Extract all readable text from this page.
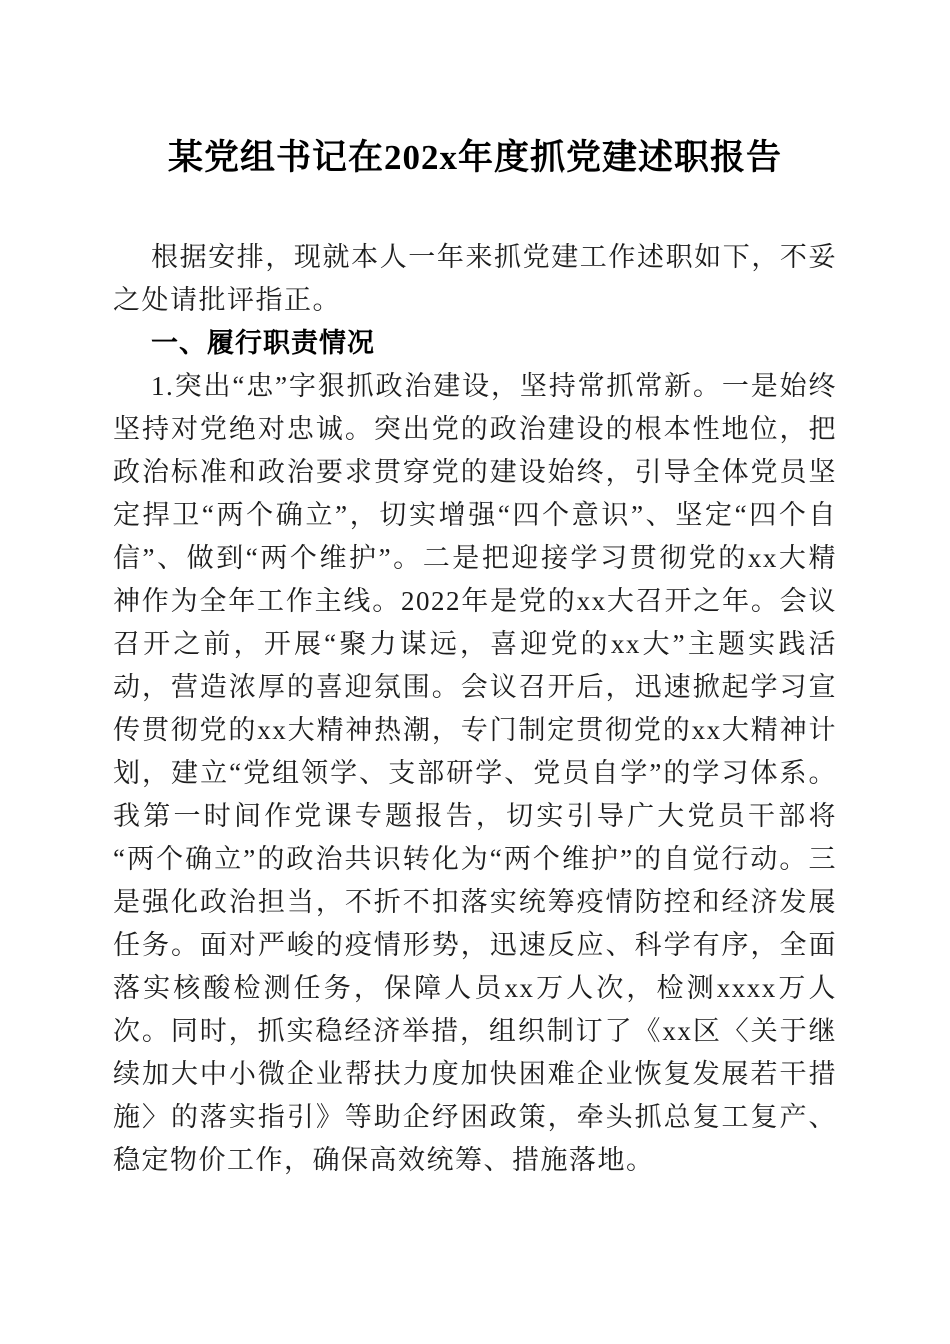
某党组书记在202x年度抓党建述职报告

根据安排，现就本人一年来抓党建工作述职如下，不妥之处请批评指正。

一、履行职责情况

1.突出“忠”字狠抓政治建设，坚持常抓常新。一是始终坚持对党绝对忠诚。突出党的政治建设的根本性地位，把政治标准和政治要求贯穿党的建设始终，引导全体党员坚定捍卫“两个确立”，切实增强“四个意识”、坚定“四个自信”、做到“两个维护”。二是把迎接学习贯彻党的xx大精神作为全年工作主线。2022年是党的xx大召开之年。会议召开之前，开展“聚力谋远，喜迎党的xx大”主题实践活动，营造浓厚的喜迎氛围。会议召开后，迅速掀起学习宣传贯彻党的xx大精神热潮，专门制定贯彻党的xx大精神计划，建立“党组领学、支部研学、党员自学”的学习体系。我第一时间作党课专题报告，切实引导广大党员干部将“两个确立”的政治共识转化为“两个维护”的自觉行动。三是强化政治担当，不折不扣落实统筹疫情防控和经济发展任务。面对严峻的疫情形势，迅速反应、科学有序，全面落实核酸检测任务，保障人员xx万人次，检测xxxx万人次。同时，抓实稳经济举措，组织制订了《xx区〈关于继续加大中小微企业帮扶力度加快困难企业恢复发展若干措施〉的落实指引》等助企纾困政策，牵头抓总复工复产、稳定物价工作，确保高效统筹、措施落地。
